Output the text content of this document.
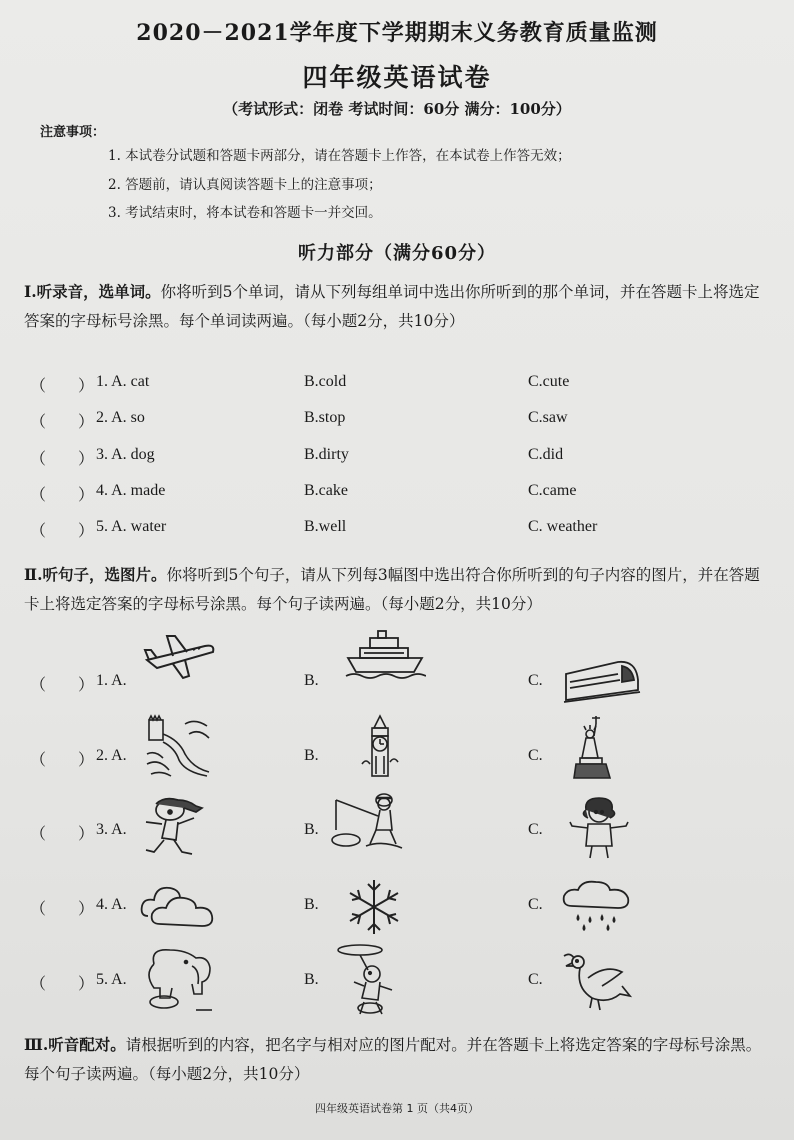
2020－2021学年度下学期期末义务教育质量监测
四年级英语试卷
（考试形式：闭卷 考试时间：60分 满分：100分）
注意事项：
1. 本试卷分试题和答题卡两部分，请在答题卡上作答，在本试卷上作答无效；
2. 答题前，请认真阅读答题卡上的注意事项；
3. 考试结束时，将本试卷和答题卡一并交回。
听力部分（满分60分）
Ⅰ.听录音，选单词。你将听到5个单词，请从下列每组单词中选出你所听到的那个单词，并在答题卡上将选定答案的字母标号涂黑。每个单词读两遍。（每小题2分，共10分）
（ ） 1. A. cat	B.cold	C.cute
（ ） 2. A. so	B.stop	C.saw
（ ） 3. A. dog	B.dirty	C.did
（ ） 4. A. made	B.cake	C.came
（ ） 5. A. water	B.well	C. weather
Ⅱ.听句子，选图片。你将听到5个句子，请从下列每3幅图中选出符合你所听到的句子内容的图片，并在答题卡上将选定答案的字母标号涂黑。每个句子读两遍。（每小题2分，共10分）
（ ） 1. A.	B.	C.
（ ） 2. A.	B.	C.
（ ） 3. A.	B.	C.
（ ） 4. A.	B.	C.
（ ） 5. A.	B.	C.
Ⅲ.听音配对。请根据听到的内容，把名字与相对应的图片配对。并在答题卡上将选定答案的字母标号涂黑。每个句子读两遍。（每小题2分，共10分）
四年级英语试卷第 1 页（共4页）
